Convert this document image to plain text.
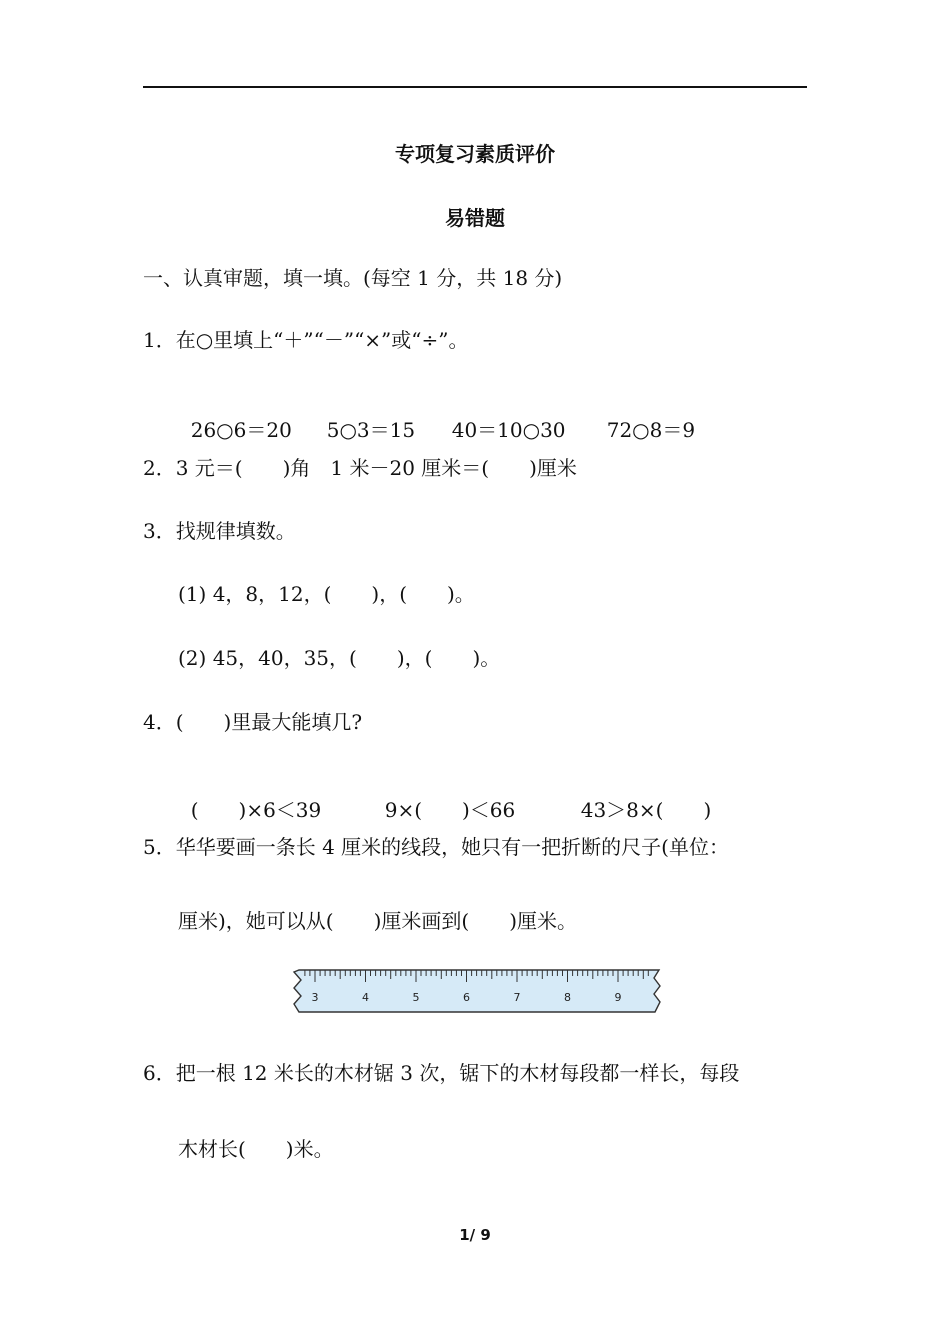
专项复习素质评价
易错题
一、认真审题，填一填。(每空 1 分，共 18 分)
1．在○里填上“＋”“－”“×”或“÷”。

26○6＝20 5○3＝15 40＝10○30 72○8＝9

2．3 元＝(　　)角　1 米－20 厘米＝(　　)厘米
3．找规律填数。
(1) 4，8，12，(　　)，(　　)。
(2) 45，40，35，(　　)，(　　)。
4．(　　)里最大能填几?

(　　)×6＜39	9×(　　)＜66	43＞8×(　　)

5．华华要画一条长 4 厘米的线段，她只有一把折断的尺子(单位：
厘米)，她可以从(　　)厘米画到(　　)厘米。
3	4	5	6	7	8	9
6．把一根 12 米长的木材锯 3 次，锯下的木材每段都一样长，每段
木材长(　　)米。
1/ 9
